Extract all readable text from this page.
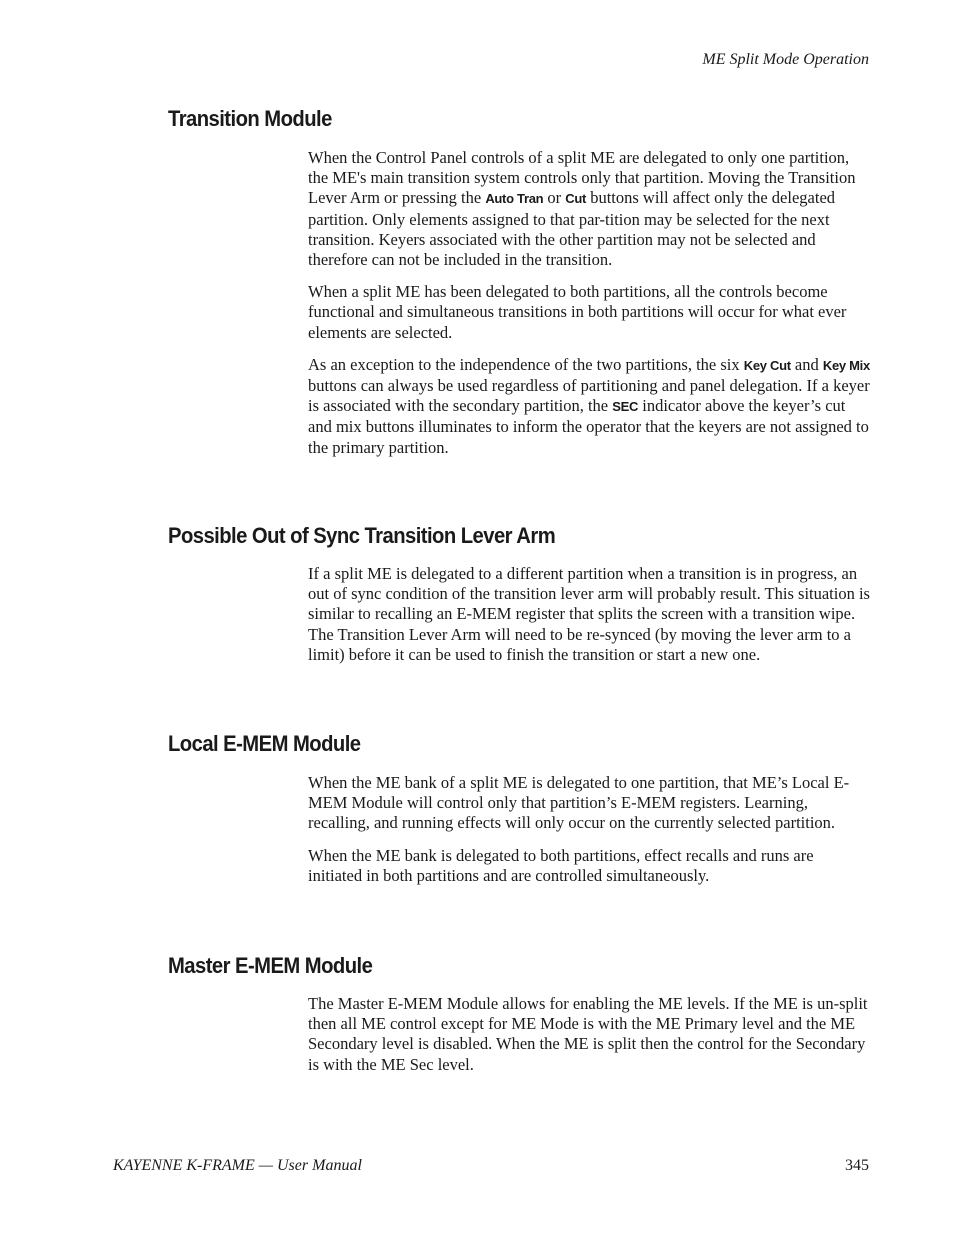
ME Split Mode Operation

Transition Module

When the Control Panel controls of a split ME are delegated to only one partition, the ME's main transition system controls only that partition. Moving the Transition Lever Arm or pressing the Auto Tran or Cut buttons will affect only the delegated partition. Only elements assigned to that par-tition may be selected for the next transition. Keyers associated with the other partition may not be selected and therefore can not be included in the transition.

When a split ME has been delegated to both partitions, all the controls become functional and simultaneous transitions in both partitions will occur for what ever elements are selected.

As an exception to the independence of the two partitions, the six Key Cut and Key Mix buttons can always be used regardless of partitioning and panel delegation. If a keyer is associated with the secondary partition, the SEC indicator above the keyer’s cut and mix buttons illuminates to inform the operator that the keyers are not assigned to the primary partition.

Possible Out of Sync Transition Lever Arm

If a split ME is delegated to a different partition when a transition is in progress, an out of sync condition of the transition lever arm will probably result. This situation is similar to recalling an E-MEM register that splits the screen with a transition wipe. The Transition Lever Arm will need to be re-synced (by moving the lever arm to a limit) before it can be used to finish the transition or start a new one.

Local E-MEM Module

When the ME bank of a split ME is delegated to one partition, that ME’s Local E-MEM Module will control only that partition’s E-MEM registers. Learning, recalling, and running effects will only occur on the currently selected partition.

When the ME bank is delegated to both partitions, effect recalls and runs are initiated in both partitions and are controlled simultaneously.

Master E-MEM Module

The Master E-MEM Module allows for enabling the ME levels. If the ME is un-split then all ME control except for ME Mode is with the ME Primary level and the ME Secondary level is disabled. When the ME is split then the control for the Secondary is with the ME Sec level.

KAYENNE K-FRAME — User Manual	345
